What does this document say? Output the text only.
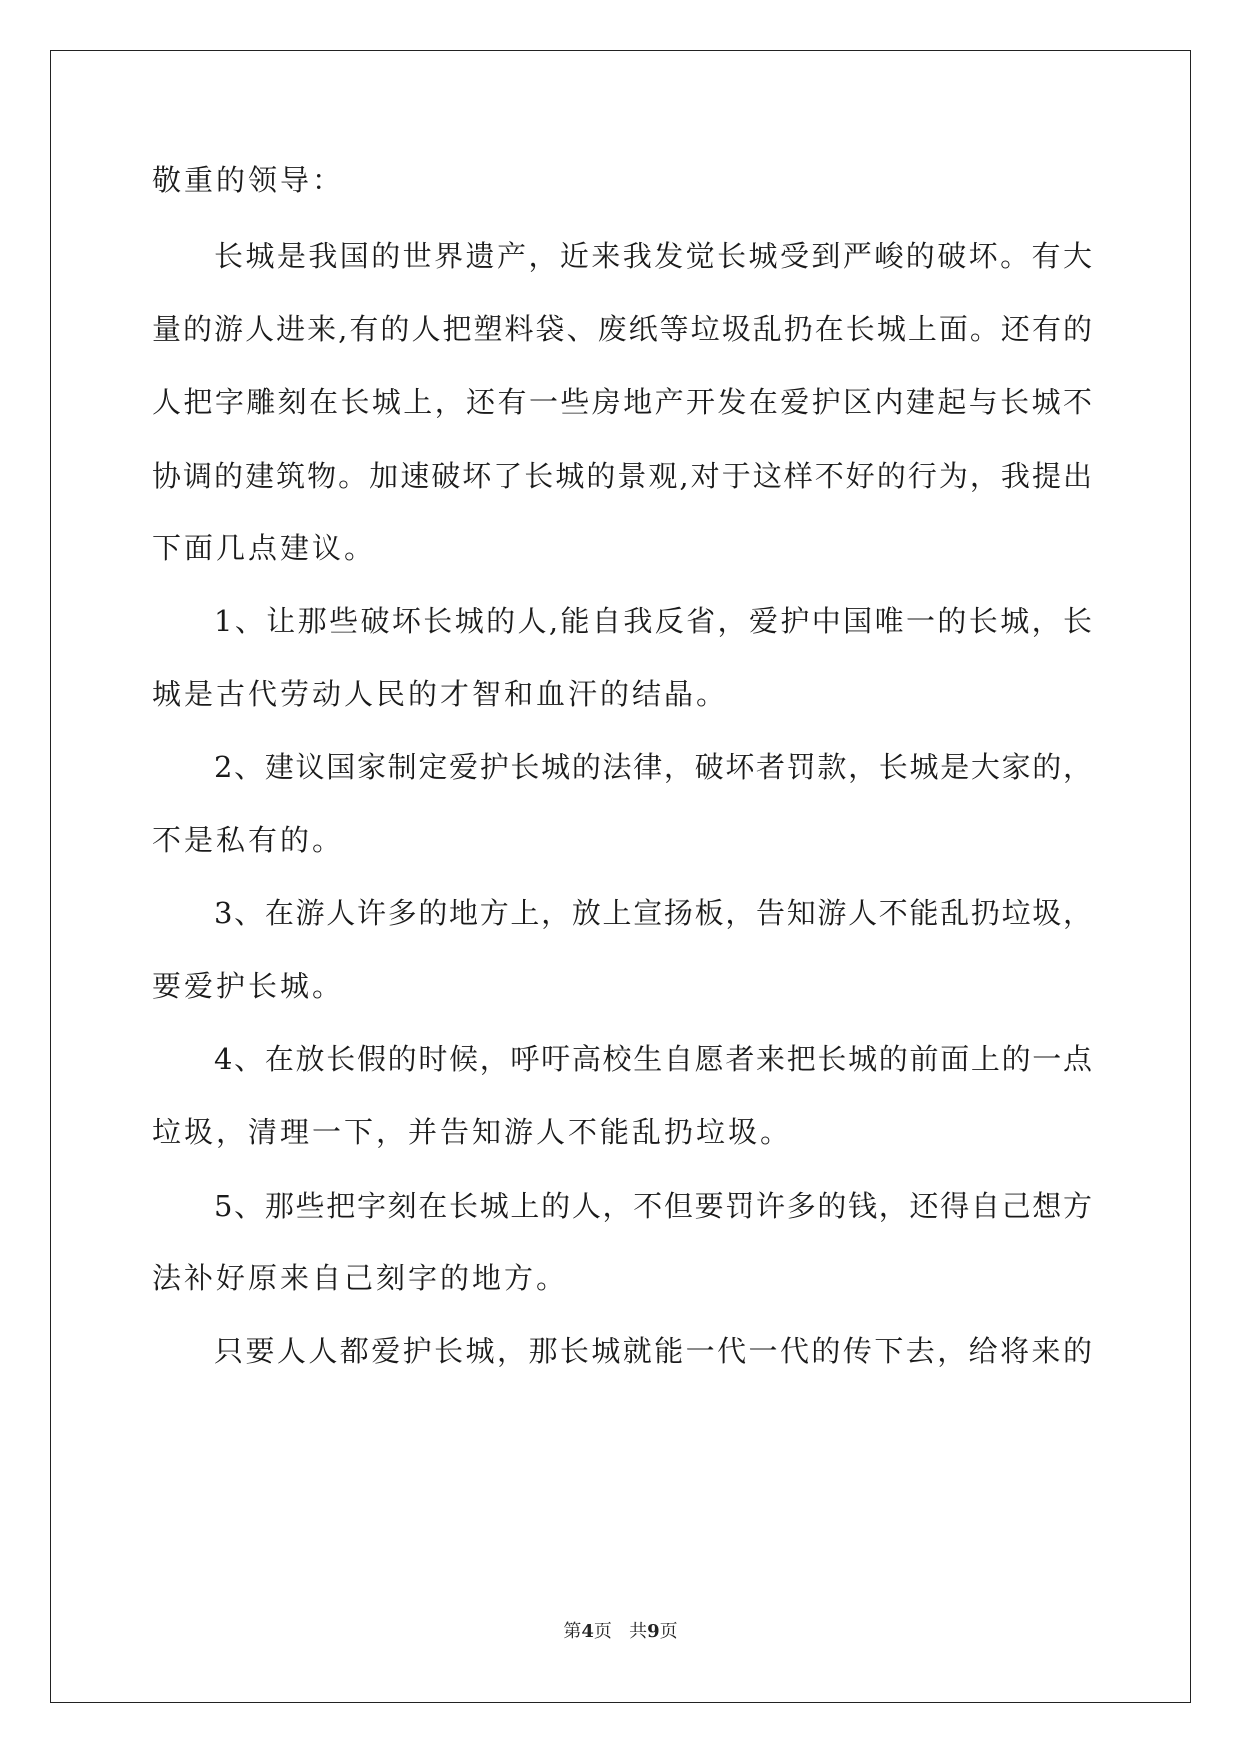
敬重的领导：
长城是我国的世界遗产，近来我发觉长城受到严峻的破坏。有大
量的游人进来,有的人把塑料袋、废纸等垃圾乱扔在长城上面。还有的
人把字雕刻在长城上，还有一些房地产开发在爱护区内建起与长城不
协调的建筑物。加速破坏了长城的景观,对于这样不好的行为，我提出
下面几点建议。
1、让那些破坏长城的人,能自我反省，爱护中国唯一的长城，长
城是古代劳动人民的才智和血汗的结晶。
2、建议国家制定爱护长城的法律，破坏者罚款，长城是大家的，
不是私有的。
3、在游人许多的地方上，放上宣扬板，告知游人不能乱扔垃圾，
要爱护长城。
4、在放长假的时候，呼吁高校生自愿者来把长城的前面上的一点
垃圾，清理一下，并告知游人不能乱扔垃圾。
5、那些把字刻在长城上的人，不但要罚许多的钱，还得自己想方
法补好原来自己刻字的地方。
只要人人都爱护长城，那长城就能一代一代的传下去，给将来的
第4页   共9页
